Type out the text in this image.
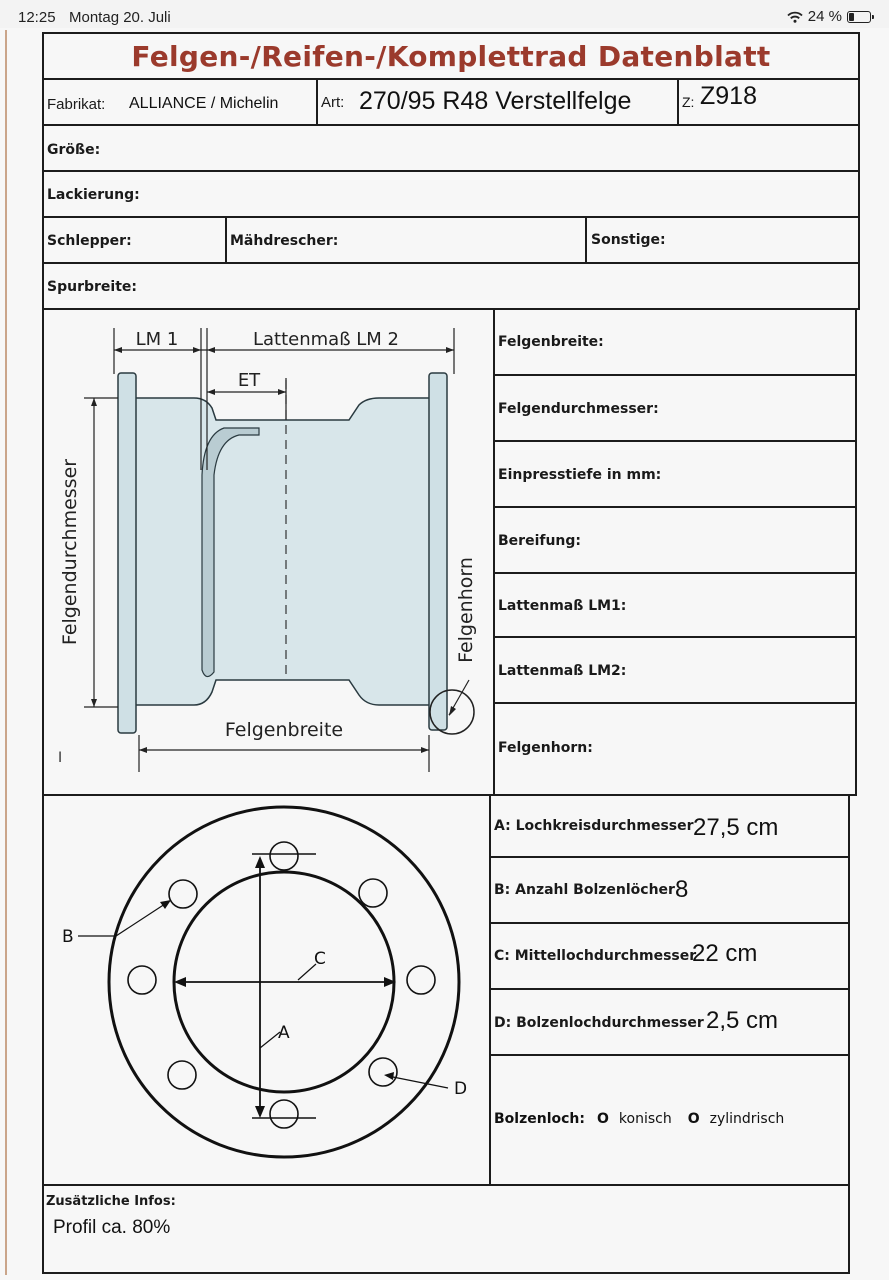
12:25 Montag 20. Juli	24 %
Felgen-/Reifen-/Komplettrad Datenblatt
Fabrikat: ALLIANCE / Michelin	Art: 270/95 R48 Verstellfelge	Z: Z918
Größe:
Lackierung:
Schlepper:	Mähdrescher:	Sonstige:
Spurbreite:
Felgenbreite:
Felgendurchmesser:
Einpresstiefe in mm:
Bereifung:
Lattenmaß LM1:
Lattenmaß LM2:
Felgenhorn:
LM 1	Lattenmaß LM 2
ET
Felgendurchmesser
Felgenbreite
Felgenhorn
I
A: Lochkreisdurchmesser 27,5 cm
B: Anzahl Bolzenlöcher 8
C: Mittellochdurchmesser
22 cm
D: Bolzenlochdurchmesser 2,5 cm
Bolzenloch: O konisch O zylindrisch
A
C
B
D
Zusätzliche Infos:
Profil ca. 80%
